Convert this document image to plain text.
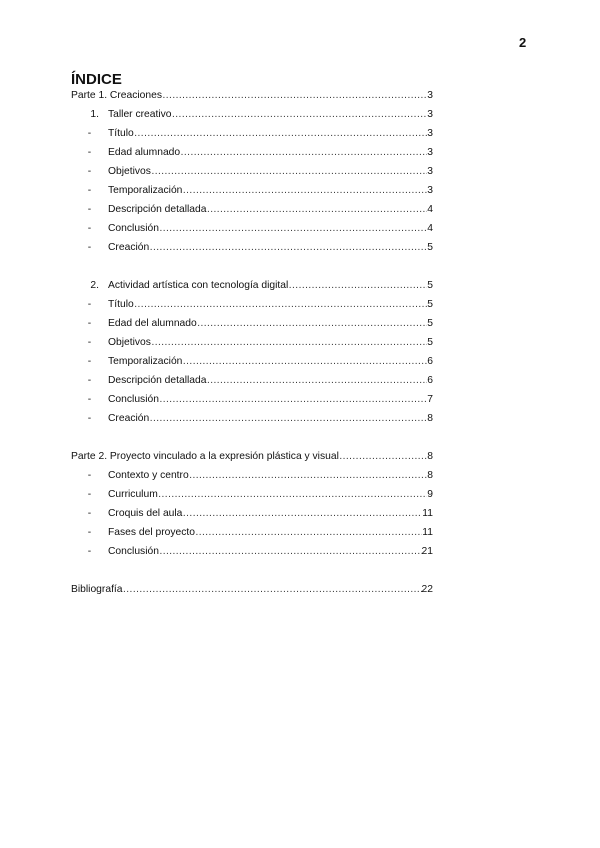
2
ÍNDICE
Parte 1. Creaciones …………………………………………………………………………………………………………………………	3
1. Taller creativo …………………………………………………………………………………………………………………………	3
-	Título …………………………………………………………………………………………………………………………	3
-	Edad alumnado …………………………………………………………………………………………………………………………	3
-	Objetivos …………………………………………………………………………………………………………………………	3
-	Temporalización …………………………………………………………………………………………………………………………	3
-	Descripción detallada …………………………………………………………………………………………………………………………	4
-	Conclusión …………………………………………………………………………………………………………………………	4
-	Creación …………………………………………………………………………………………………………………………	5
2. Actividad artística con tecnología digital …………………………………………………………………………………………………………………………	5
-	Título …………………………………………………………………………………………………………………………	5
-	Edad del alumnado …………………………………………………………………………………………………………………………	5
-	Objetivos …………………………………………………………………………………………………………………………	5
-	Temporalización …………………………………………………………………………………………………………………………	6
-	Descripción detallada …………………………………………………………………………………………………………………………	6
-	Conclusión …………………………………………………………………………………………………………………………	7
-	Creación …………………………………………………………………………………………………………………………	8
Parte 2. Proyecto vinculado a la expresión plástica y visual …………………………………………………………………………………………………………………………	8
-	Contexto y centro …………………………………………………………………………………………………………………………	8
-	Curriculum …………………………………………………………………………………………………………………………	9
-	Croquis del aula …………………………………………………………………………………………………………………………	11
-	Fases del proyecto …………………………………………………………………………………………………………………………	11
-	Conclusión …………………………………………………………………………………………………………………………	21
Bibliografía …………………………………………………………………………………………………………………………	22
